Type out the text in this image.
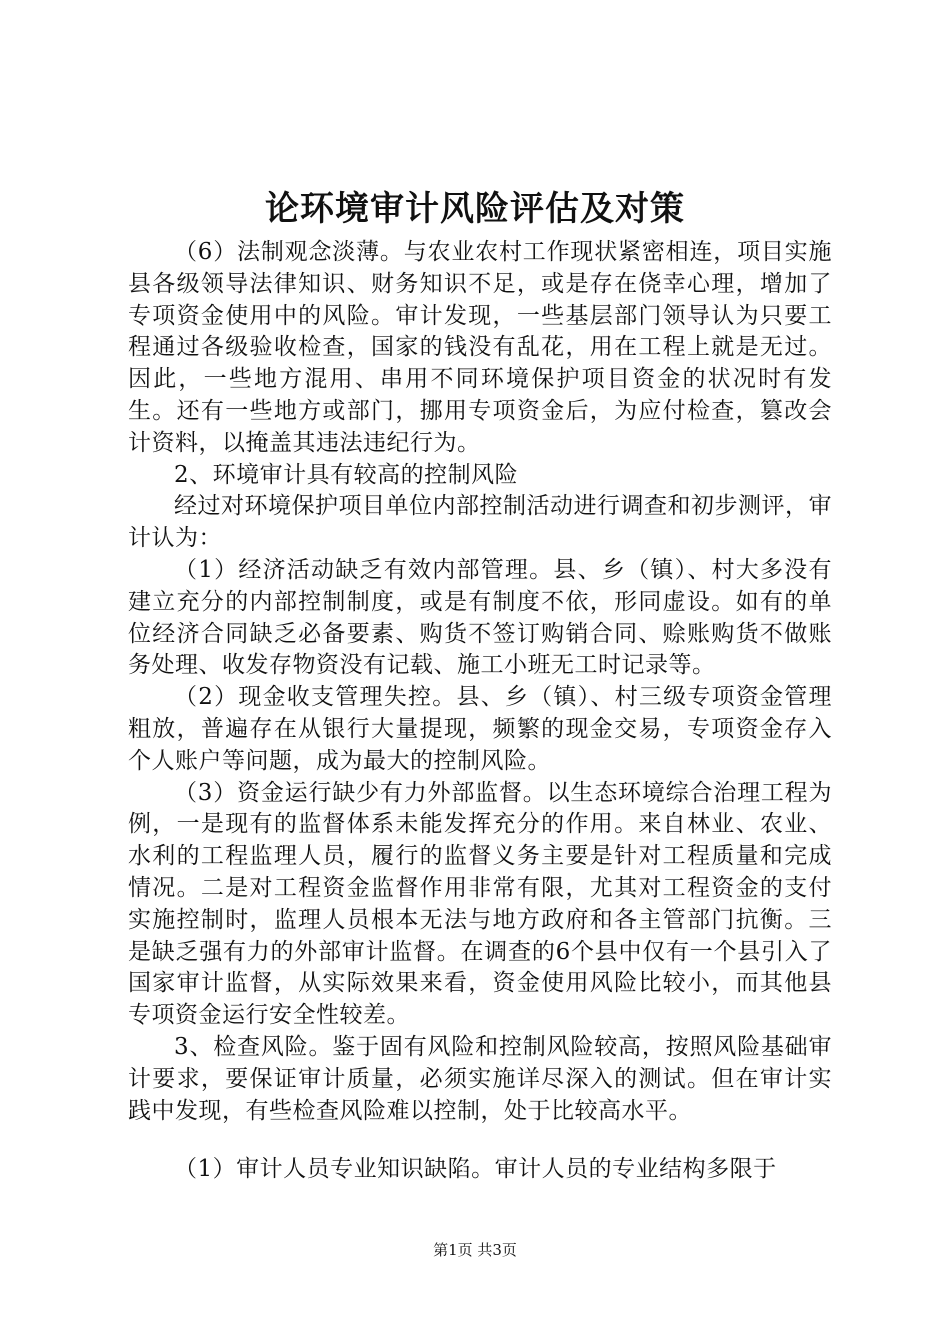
论环境审计风险评估及对策

（6）法制观念淡薄。与农业农村工作现状紧密相连，项目实施县各级领导法律知识、财务知识不足，或是存在侥幸心理，增加了专项资金使用中的风险。审计发现，一些基层部门领导认为只要工程通过各级验收检查，国家的钱没有乱花，用在工程上就是无过。因此，一些地方混用、串用不同环境保护项目资金的状况时有发生。还有一些地方或部门，挪用专项资金后，为应付检查，篡改会计资料，以掩盖其违法违纪行为。

2、环境审计具有较高的控制风险

经过对环境保护项目单位内部控制活动进行调查和初步测评，审计认为：

（1）经济活动缺乏有效内部管理。县、乡（镇）、村大多没有建立充分的内部控制制度，或是有制度不依，形同虚设。如有的单位经济合同缺乏必备要素、购货不签订购销合同、赊账购货不做账务处理、收发存物资没有记载、施工小班无工时记录等。

（2）现金收支管理失控。县、乡（镇）、村三级专项资金管理粗放，普遍存在从银行大量提现，频繁的现金交易，专项资金存入个人账户等问题，成为最大的控制风险。

（3）资金运行缺少有力外部监督。以生态环境综合治理工程为例，一是现有的监督体系未能发挥充分的作用。来自林业、农业、水利的工程监理人员，履行的监督义务主要是针对工程质量和完成情况。二是对工程资金监督作用非常有限，尤其对工程资金的支付实施控制时，监理人员根本无法与地方政府和各主管部门抗衡。三是缺乏强有力的外部审计监督。在调查的6个县中仅有一个县引入了国家审计监督，从实际效果来看，资金使用风险比较小，而其他县专项资金运行安全性较差。

3、检查风险。鉴于固有风险和控制风险较高，按照风险基础审计要求，要保证审计质量，必须实施详尽深入的测试。但在审计实践中发现，有些检查风险难以控制，处于比较高水平。

（1）审计人员专业知识缺陷。审计人员的专业结构多限于

第1页 共3页
